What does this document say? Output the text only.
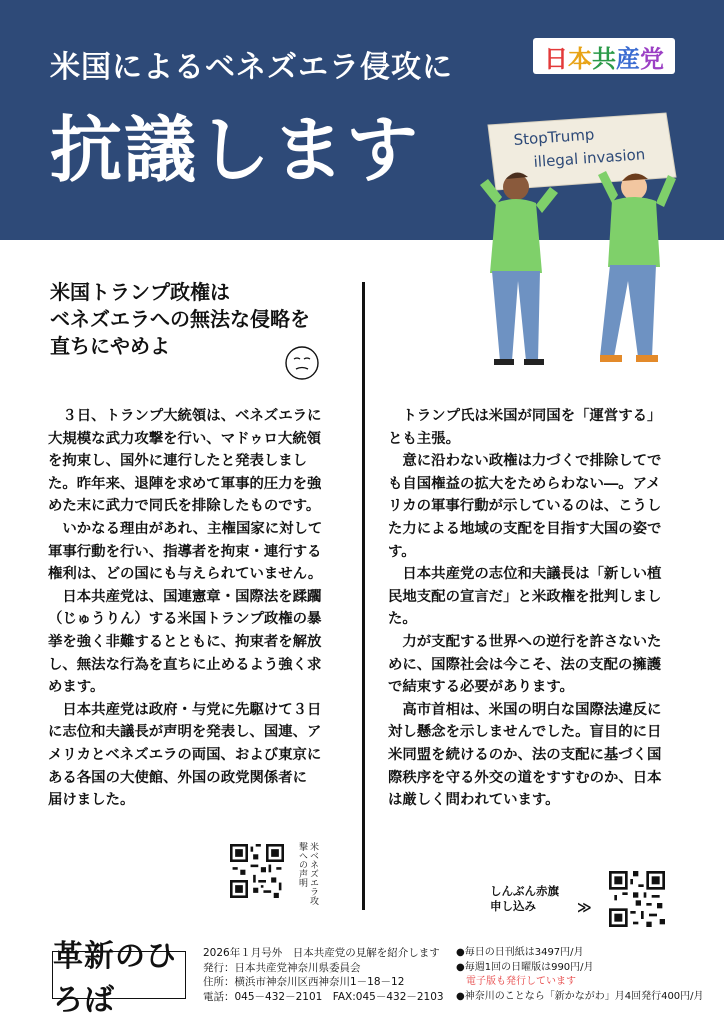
米国によるベネズエラ侵攻に
抗議します
日 本 共 産 党
StopTrump
illegal invasion
米国トランプ政権は
ベネズエラへの無法な侵略を
直ちにやめよ

３日、トランプ大統領は、ベネズエラに大規模な武力攻撃を行い、マドゥロ大統領を拘束し、国外に連行したと発表しました。昨年来、退陣を求めて軍事的圧力を強めた末に武力で同氏を排除したものです。

いかなる理由があれ、主権国家に対して軍事行動を行い、指導者を拘束・連行する権利は、どの国にも与えられていません。

日本共産党は、国連憲章・国際法を蹂躙（じゅうりん）する米国トランプ政権の暴挙を強く非難するとともに、拘束者を解放し、無法な行為を直ちに止めるよう強く求めます。

日本共産党は政府・与党に先駆けて３日に志位和夫議長が声明を発表し、国連、アメリカとベネズエラの両国、および東京にある各国の大使館、外国の政党関係者に

届けました。

トランプ氏は米国が同国を「運営する」とも主張。

意に沿わない政権は力づくで排除してでも自国権益の拡大をためらわない―。アメリカの軍事行動が示しているのは、こうした力による地域の支配を目指す大国の姿です。

日本共産党の志位和夫議長は「新しい植民地支配の宣言だ」と米政権を批判しました。

力が支配する世界への逆行を許さないために、国際社会は今こそ、法の支配の擁護で結束する必要があります。

高市首相は、米国の明白な国際法違反に対し懸念を示しませんでした。盲目的に日米同盟を続けるのか、法の支配に基づく国際秩序を守る外交の道をすすむのか、日本は厳しく問われています。

米ベネズエラ攻撃への声明
しんぶん赤旗
申し込み	≫
革新のひろば
2026年１月号外　日本共産党の見解を紹介します
発行：日本共産党神奈川県委員会
住所：横浜市神奈川区西神奈川1－18－12
電話：045－432－2101　FAX:045－432－2103
●毎日の日刊紙は3497円/月
●毎週1回の日曜版は990円/月
電子版も発行しています
●神奈川のことなら「新かながわ」月4回発行400円/月
